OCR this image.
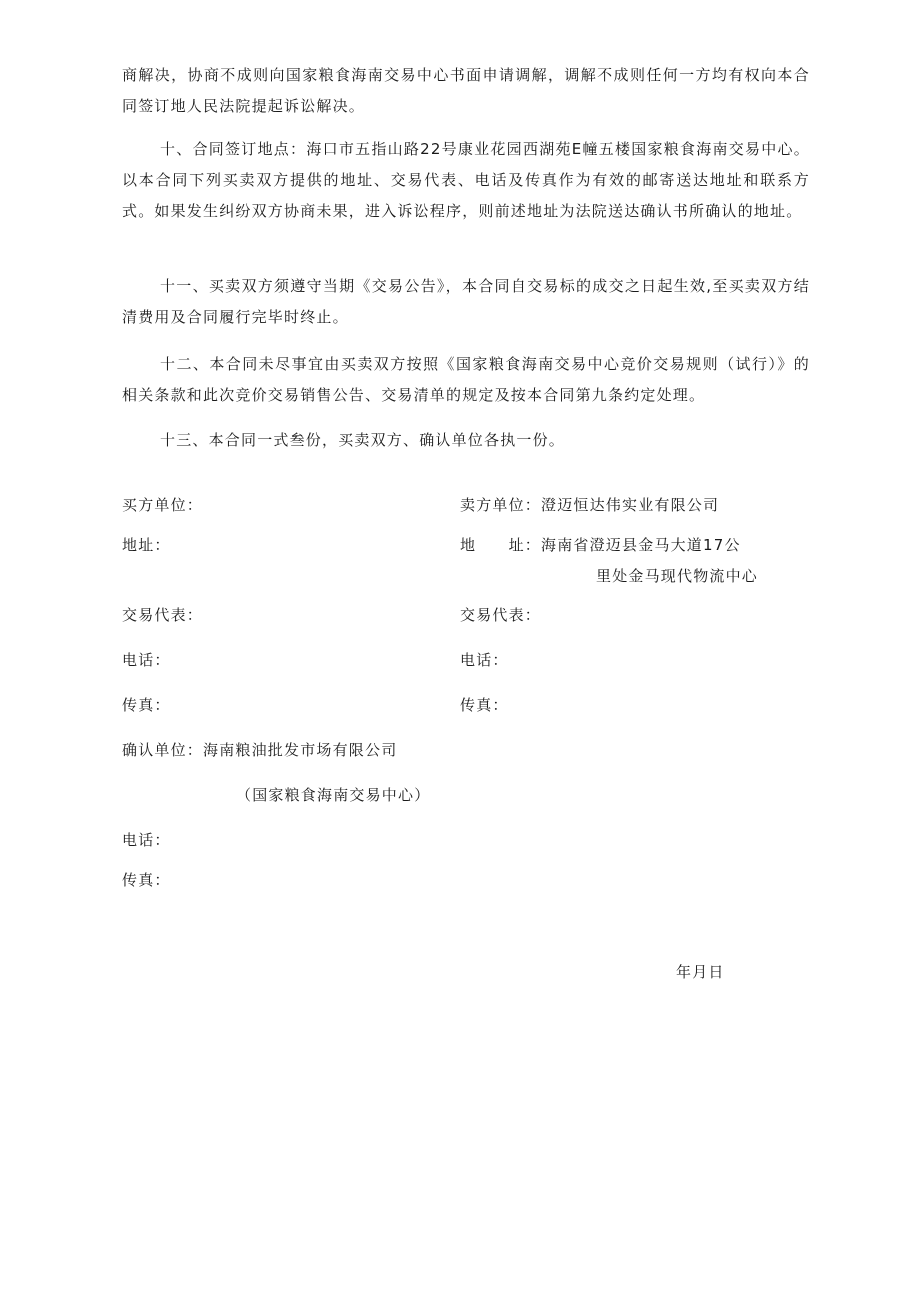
商解决，协商不成则向国家粮食海南交易中心书面申请调解，调解不成则任何一方均有权向本合同签订地人民法院提起诉讼解决。

十、合同签订地点：海口市五指山路22号康业花园西湖苑E幢五楼国家粮食海南交易中心。以本合同下列买卖双方提供的地址、交易代表、电话及传真作为有效的邮寄送达地址和联系方式。如果发生纠纷双方协商未果，进入诉讼程序，则前述地址为法院送达确认书所确认的地址。

十一、买卖双方须遵守当期《交易公告》，本合同自交易标的成交之日起生效,至买卖双方结清费用及合同履行完毕时终止。

十二、本合同未尽事宜由买卖双方按照《国家粮食海南交易中心竞价交易规则（试行）》的相关条款和此次竞价交易销售公告、交易清单的规定及按本合同第九条约定处理。

十三、本合同一式叁份，买卖双方、确认单位各执一份。

买方单位：
地址：
交易代表：
电话：
传真：
卖方单位：澄迈恒达伟实业有限公司
地　　址：海南省澄迈县金马大道17公
里处金马现代物流中心
交易代表：
电话：
传真：
确认单位：海南粮油批发市场有限公司
（国家粮食海南交易中心）
电话：
传真：
年月日
